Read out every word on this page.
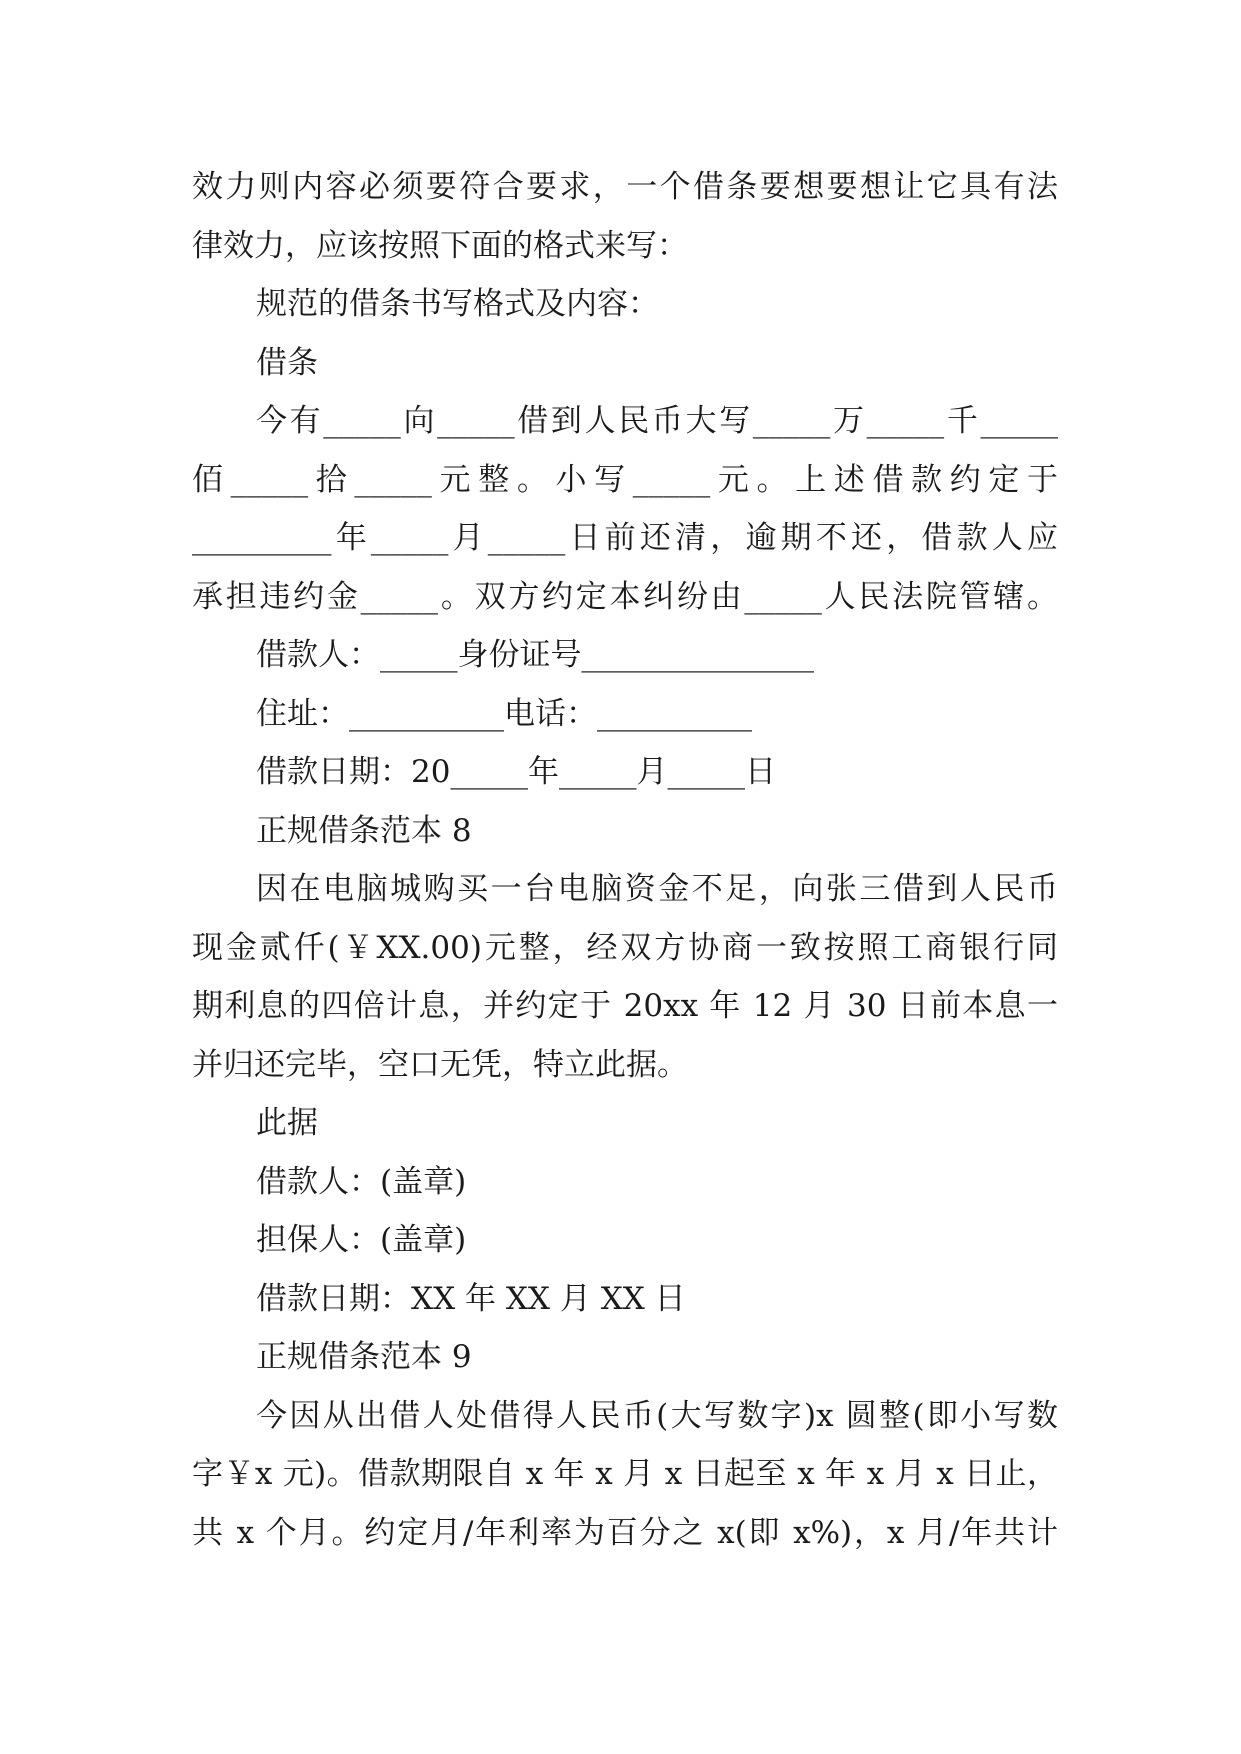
效力则内容必须要符合要求，一个借条要想要想让它具有法
律效力，应该按照下面的格式来写：
规范的借条书写格式及内容：
借条
今有_____向_____借到人民币大写_____万_____千_____
佰_____拾_____元整。小写_____元。上述借款约定于
_________年_____月_____日前还清，逾期不还，借款人应
承担违约金_____。双方约定本纠纷由_____人民法院管辖。
借款人：_____身份证号_______________
住址：__________电话：__________
借款日期：20_____年_____月_____日
正规借条范本 8
因在电脑城购买一台电脑资金不足，向张三借到人民币
现金贰仟(￥XX.00)元整，经双方协商一致按照工商银行同
期利息的四倍计息，并约定于 20xx 年 12 月 30 日前本息一
并归还完毕，空口无凭，特立此据。
此据
借款人：(盖章)
担保人：(盖章)
借款日期：XX 年 XX 月 XX 日
正规借条范本 9
今因从出借人处借得人民币(大写数字)x 圆整(即小写数
字￥x 元)。借款期限自 x 年 x 月 x 日起至 x 年 x 月 x 日止，
共 x 个月。约定月/年利率为百分之 x(即 x%)，x 月/年共计
